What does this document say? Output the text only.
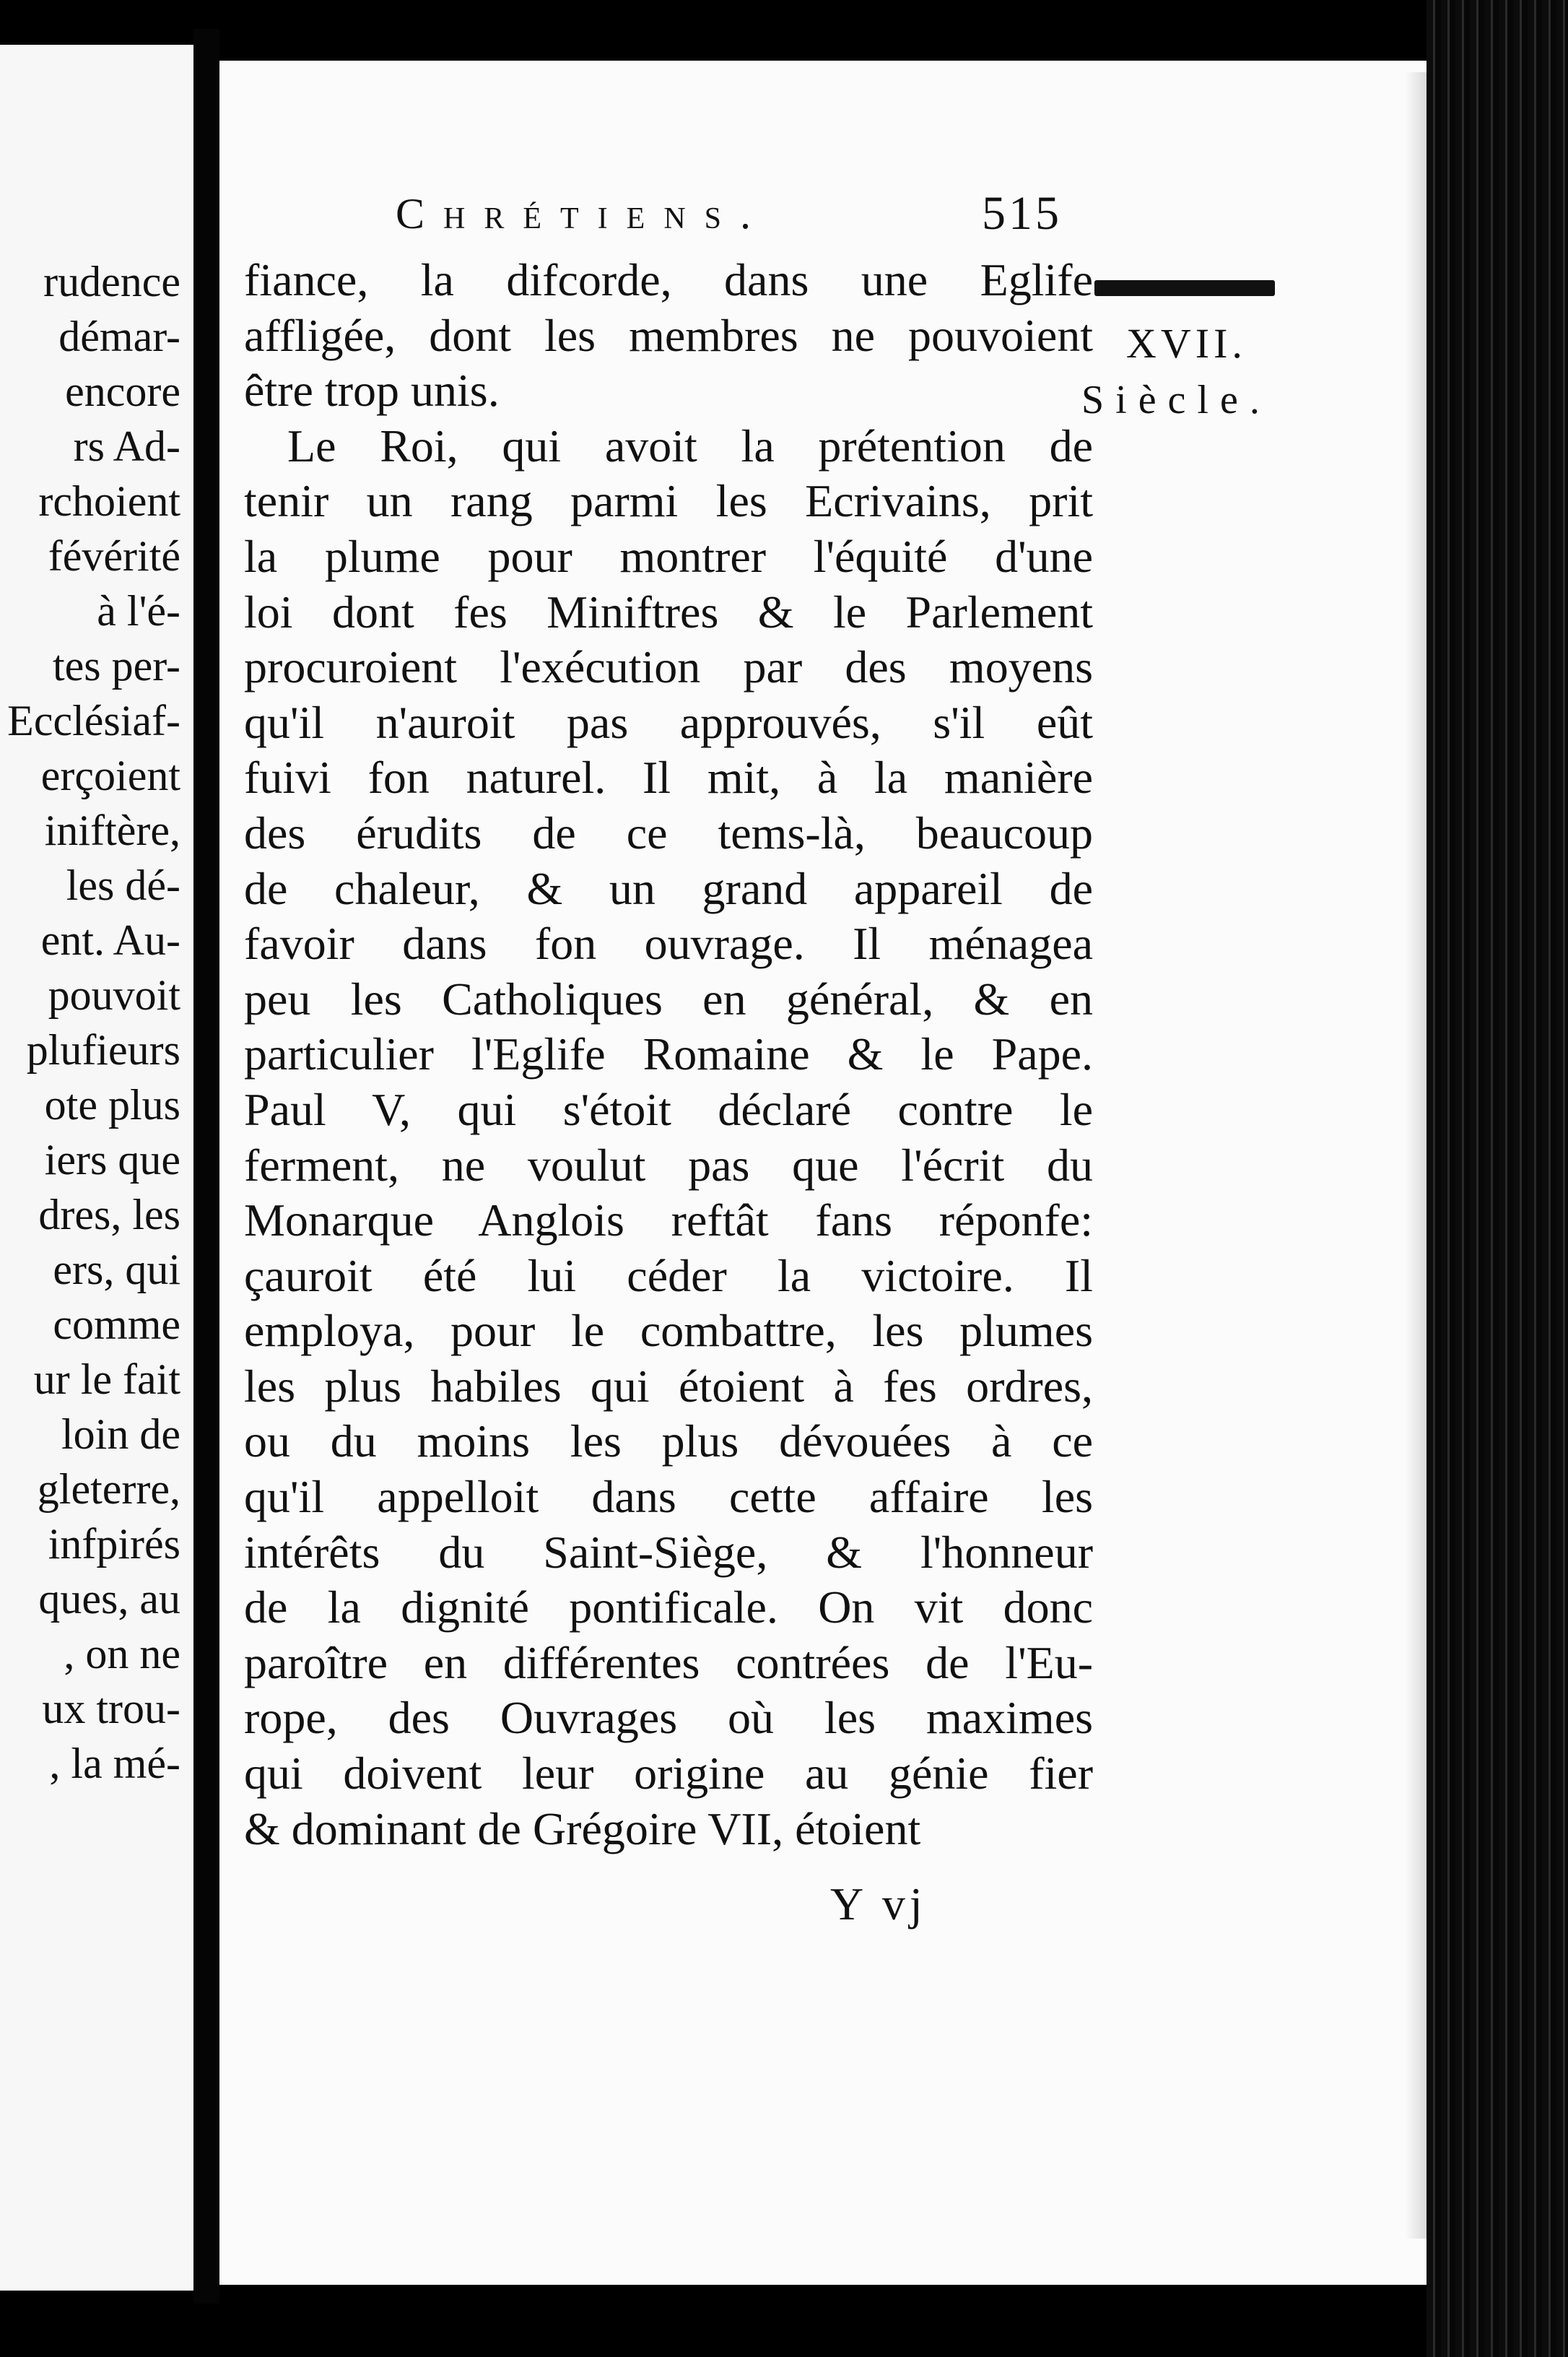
rudence
démar-
encore
rs Ad-
rchoient
févérité
à l'é-
tes per-
Ecclésiaf-
erçoient
iniftère,
les dé-
ent. Au-
pouvoit
plufieurs
ote plus
iers que
dres, les
ers, qui
comme
ur le fait
loin de
gleterre,
infpirés
ques, au
, on ne
ux trou-
, la mé-
Chrétiens.	515
XVII.
Siècle.
fiance, la difcorde, dans une Eglife
affligée, dont les membres ne pouvoient
être trop unis.
Le Roi, qui avoit la prétention de
tenir un rang parmi les Ecrivains, prit
la plume pour montrer l'équité d'une
loi dont fes Miniftres & le Parlement
procuroient l'exécution par des moyens
qu'il n'auroit pas approuvés, s'il eût
fuivi fon naturel. Il mit, à la manière
des érudits de ce tems-là, beaucoup
de chaleur, & un grand appareil de
favoir dans fon ouvrage. Il ménagea
peu les Catholiques en général, & en
particulier l'Eglife Romaine & le Pape.
Paul V, qui s'étoit déclaré contre le
ferment, ne voulut pas que l'écrit du
Monarque Anglois reftât fans réponfe:
çauroit été lui céder la victoire. Il
employa, pour le combattre, les plumes
les plus habiles qui étoient à fes ordres,
ou du moins les plus dévouées à ce
qu'il appelloit dans cette affaire les
intérêts du Saint-Siège, & l'honneur
de la dignité pontificale. On vit donc
paroître en différentes contrées de l'Eu-
rope, des Ouvrages où les maximes
qui doivent leur origine au génie fier
& dominant de Grégoire VII, étoient
Y vj
